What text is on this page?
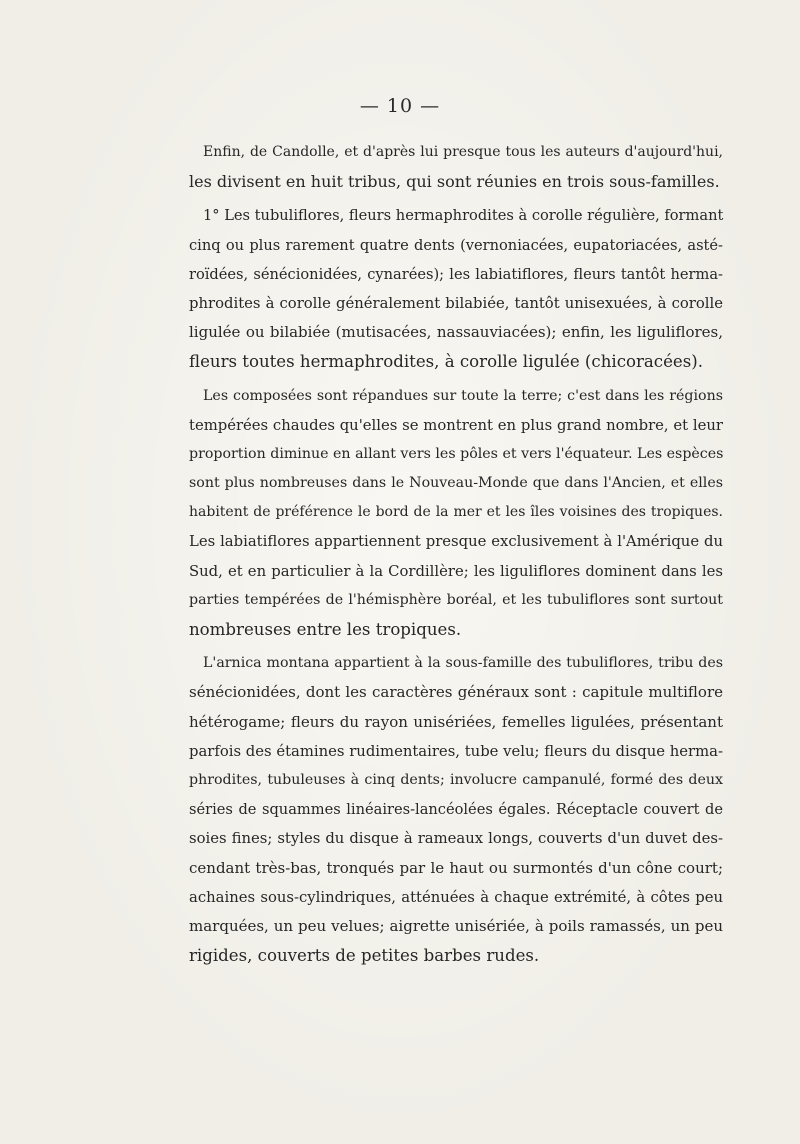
— 10 —
Enfin, de Candolle, et d'après lui presque tous les auteurs d'aujourd'hui,
les divisent en huit tribus, qui sont réunies en trois sous-familles.
1° Les tubuliflores, fleurs hermaphrodites à corolle régulière, formant
cinq ou plus rarement quatre dents (vernoniacées, eupatoriacées, asté-
roïdées, sénécionidées, cynarées); les labiatiflores, fleurs tantôt herma-
phrodites à corolle généralement bilabiée, tantôt unisexuées, à corolle
ligulée ou bilabiée (mutisacées, nassauviacées); enfin, les liguliflores,
fleurs toutes hermaphrodites, à corolle ligulée (chicoracées).
Les composées sont répandues sur toute la terre; c'est dans les régions
tempérées chaudes qu'elles se montrent en plus grand nombre, et leur
proportion diminue en allant vers les pôles et vers l'équateur. Les espèces
sont plus nombreuses dans le Nouveau-Monde que dans l'Ancien, et elles
habitent de préférence le bord de la mer et les îles voisines des tropiques.
Les labiatiflores appartiennent presque exclusivement à l'Amérique du
Sud, et en particulier à la Cordillère; les liguliflores dominent dans les
parties tempérées de l'hémisphère boréal, et les tubuliflores sont surtout
nombreuses entre les tropiques.
L'arnica montana appartient à la sous-famille des tubuliflores, tribu des
sénécionidées, dont les caractères généraux sont : capitule multiflore
hétérogame; fleurs du rayon unisériées, femelles ligulées, présentant
parfois des étamines rudimentaires, tube velu; fleurs du disque herma-
phrodites, tubuleuses à cinq dents; involucre campanulé, formé des deux
séries de squammes linéaires-lancéolées égales. Réceptacle couvert de
soies fines; styles du disque à rameaux longs, couverts d'un duvet des-
cendant très-bas, tronqués par le haut ou surmontés d'un cône court;
achaines sous-cylindriques, atténuées à chaque extrémité, à côtes peu
marquées, un peu velues; aigrette unisériée, à poils ramassés, un peu
rigides, couverts de petites barbes rudes.
